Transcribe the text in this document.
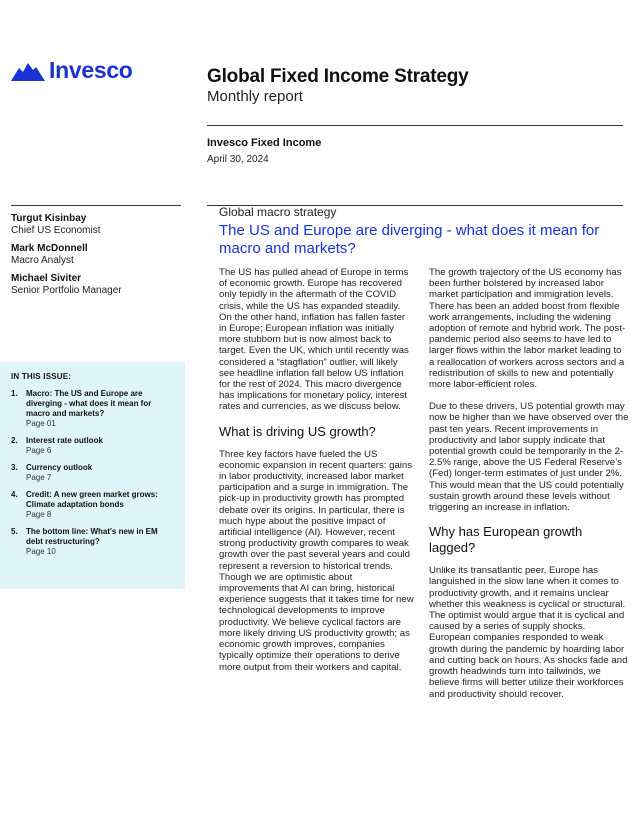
Invesco	Global Fixed Income Strategy
Monthly report
Invesco Fixed Income
April 30, 2024
Turgut Kisinbay
Chief US Economist
Mark McDonnell
Macro Analyst
Michael Siviter
Senior Portfolio Manager
IN THIS ISSUE:
1.	Macro: The US and Europe are diverging - what does it mean for macro and markets?
Page 01
2.	Interest rate outlook
Page 6
3.	Currency outlook
Page 7
4.	Credit: A new green market grows: Climate adaptation bonds
Page 8
5.	The bottom line: What's new in EM debt restructuring?
Page 10
Global macro strategy
The US and Europe are diverging - what does it mean for macro and markets?

The US has pulled ahead of Europe in terms of economic growth. Europe has recovered only tepidly in the aftermath of the COVID crisis, while the US has expanded steadily. On the other hand, inflation has fallen faster in Europe; European inflation was initially more stubborn but is now almost back to target. Even the UK, which until recently was considered a “stagflation” outlier, will likely see headline inflation fall below US inflation for the rest of 2024. This macro divergence has implications for monetary policy, interest rates and currencies, as we discuss below.

What is driving US growth?

Three key factors have fueled the US economic expansion in recent quarters: gains in labor productivity, increased labor market participation and a surge in immigration. The pick-up in productivity growth has prompted debate over its origins. In particular, there is much hype about the positive impact of artificial intelligence (AI). However, recent strong productivity growth compares to weak growth over the past several years and could represent a reversion to historical trends. Though we are optimistic about improvements that AI can bring, historical experience suggests that it takes time for new technological developments to improve productivity. We believe cyclical factors are more likely driving US productivity growth; as economic growth improves, companies typically optimize their operations to derive more output from their workers and capital.

The growth trajectory of the US economy has been further bolstered by increased labor market participation and immigration levels. There has been an added boost from flexible work arrangements, including the widening adoption of remote and hybrid work. The post-pandemic period also seems to have led to larger flows within the labor market leading to a reallocation of workers across sectors and a redistribution of skills to new and potentially more labor-efficient roles.

Due to these drivers, US potential growth may now be higher than we have observed over the past ten years. Recent improvements in productivity and labor supply indicate that potential growth could be temporarily in the 2-2.5% range, above the US Federal Reserve’s (Fed) longer-term estimates of just under 2%. This would mean that the US could potentially sustain growth around these levels without triggering an increase in inflation.

Why has European growth lagged?

Unlike its transatlantic peer, Europe has languished in the slow lane when it comes to productivity growth, and it remains unclear whether this weakness is cyclical or structural. The optimist would argue that it is cyclical and caused by a series of supply shocks. European companies responded to weak growth during the pandemic by hoarding labor and cutting back on hours. As shocks fade and growth headwinds turn into tailwinds, we believe firms will better utilize their workforces and productivity should recover.
